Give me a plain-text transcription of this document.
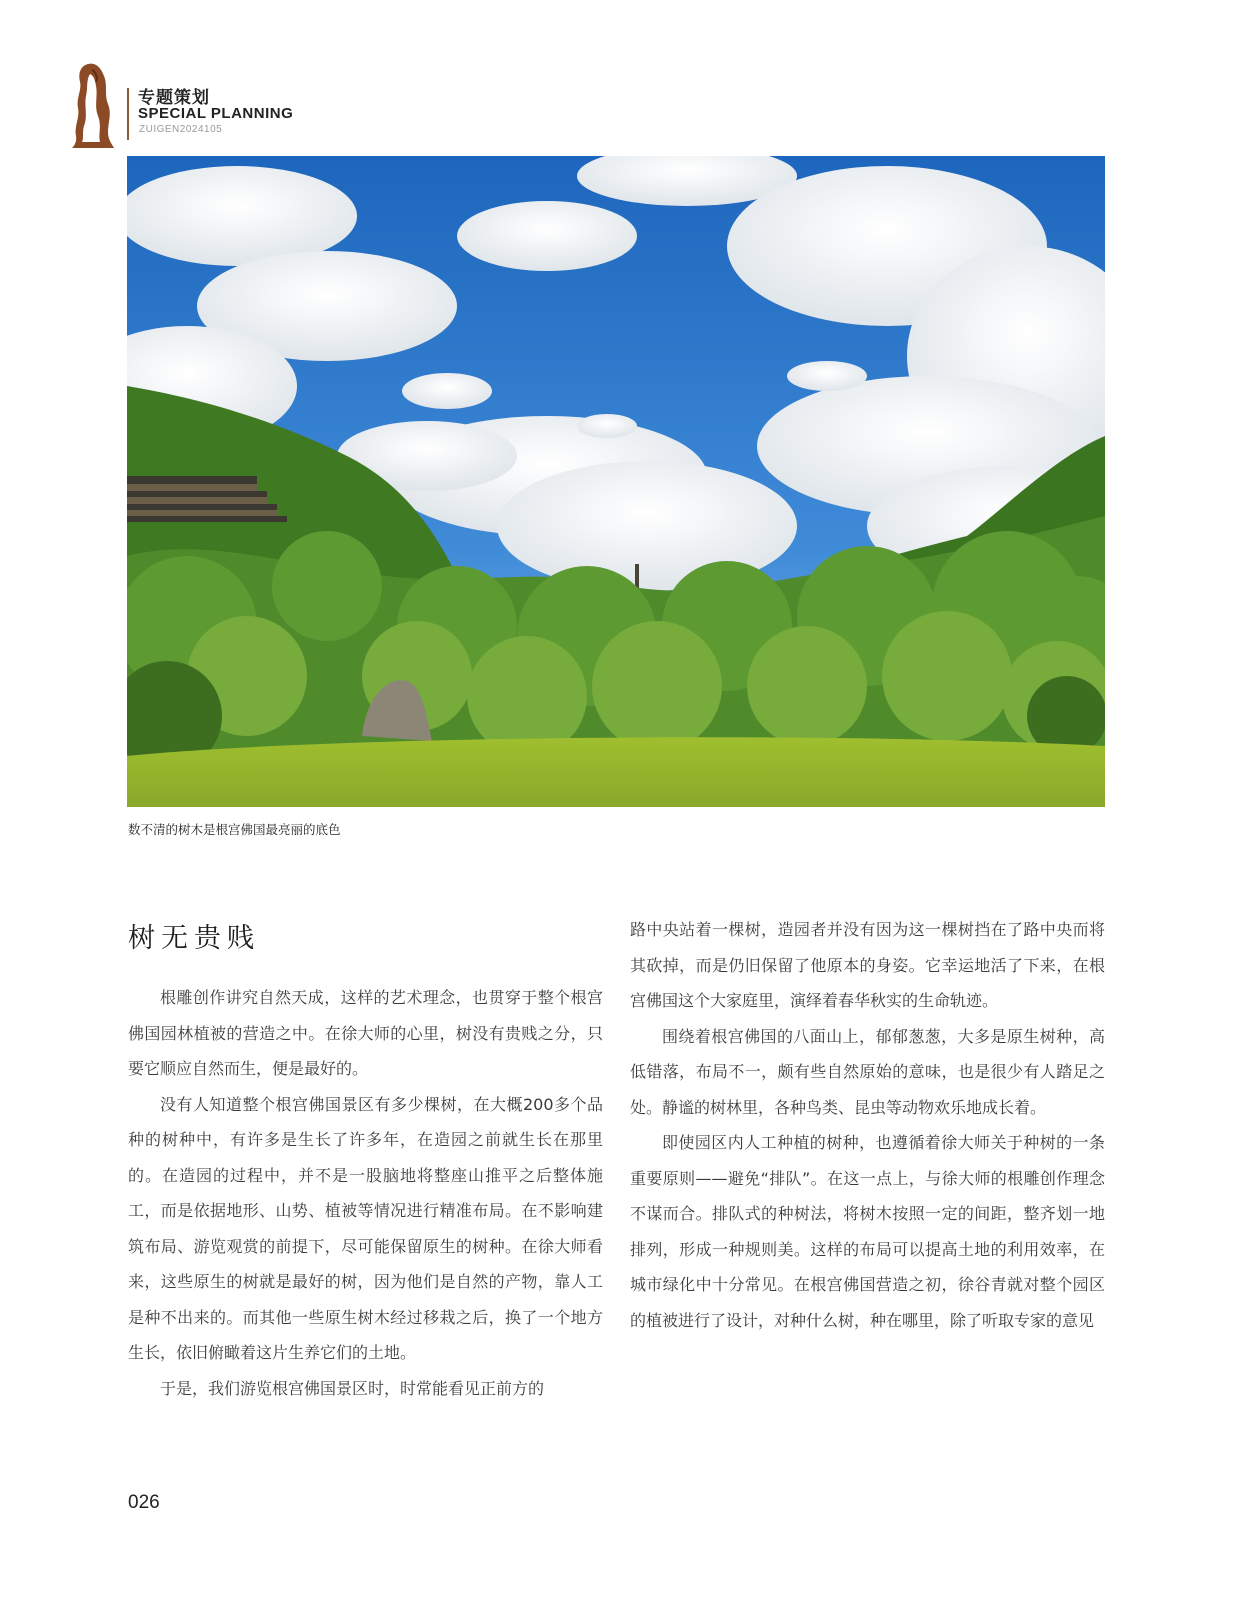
专题策划
SPECIAL PLANNING
ZUIGEN2024105
数不清的树木是根宫佛国最亮丽的底色
树无贵贱

根雕创作讲究自然天成，这样的艺术理念，也贯穿于整个根宫佛国园林植被的营造之中。在徐大师的心里，树没有贵贱之分，只要它顺应自然而生，便是最好的。

没有人知道整个根宫佛国景区有多少棵树，在大概200多个品种的树种中，有许多是生长了许多年，在造园之前就生长在那里的。在造园的过程中，并不是一股脑地将整座山推平之后整体施工，而是依据地形、山势、植被等情况进行精准布局。在不影响建筑布局、游览观赏的前提下，尽可能保留原生的树种。在徐大师看来，这些原生的树就是最好的树，因为他们是自然的产物，靠人工是种不出来的。而其他一些原生树木经过移栽之后，换了一个地方生长，依旧俯瞰着这片生养它们的土地。

于是，我们游览根宫佛国景区时，时常能看见正前方的

路中央站着一棵树，造园者并没有因为这一棵树挡在了路中央而将其砍掉，而是仍旧保留了他原本的身姿。它幸运地活了下来，在根宫佛国这个大家庭里，演绎着春华秋实的生命轨迹。

围绕着根宫佛国的八面山上，郁郁葱葱，大多是原生树种，高低错落，布局不一，颇有些自然原始的意味，也是很少有人踏足之处。静谧的树林里，各种鸟类、昆虫等动物欢乐地成长着。

即使园区内人工种植的树种，也遵循着徐大师关于种树的一条重要原则——避免“排队”。在这一点上，与徐大师的根雕创作理念不谋而合。排队式的种树法，将树木按照一定的间距，整齐划一地排列，形成一种规则美。这样的布局可以提高土地的利用效率，在城市绿化中十分常见。在根宫佛国营造之初，徐谷青就对整个园区的植被进行了设计，对种什么树，种在哪里，除了听取专家的意见

026
